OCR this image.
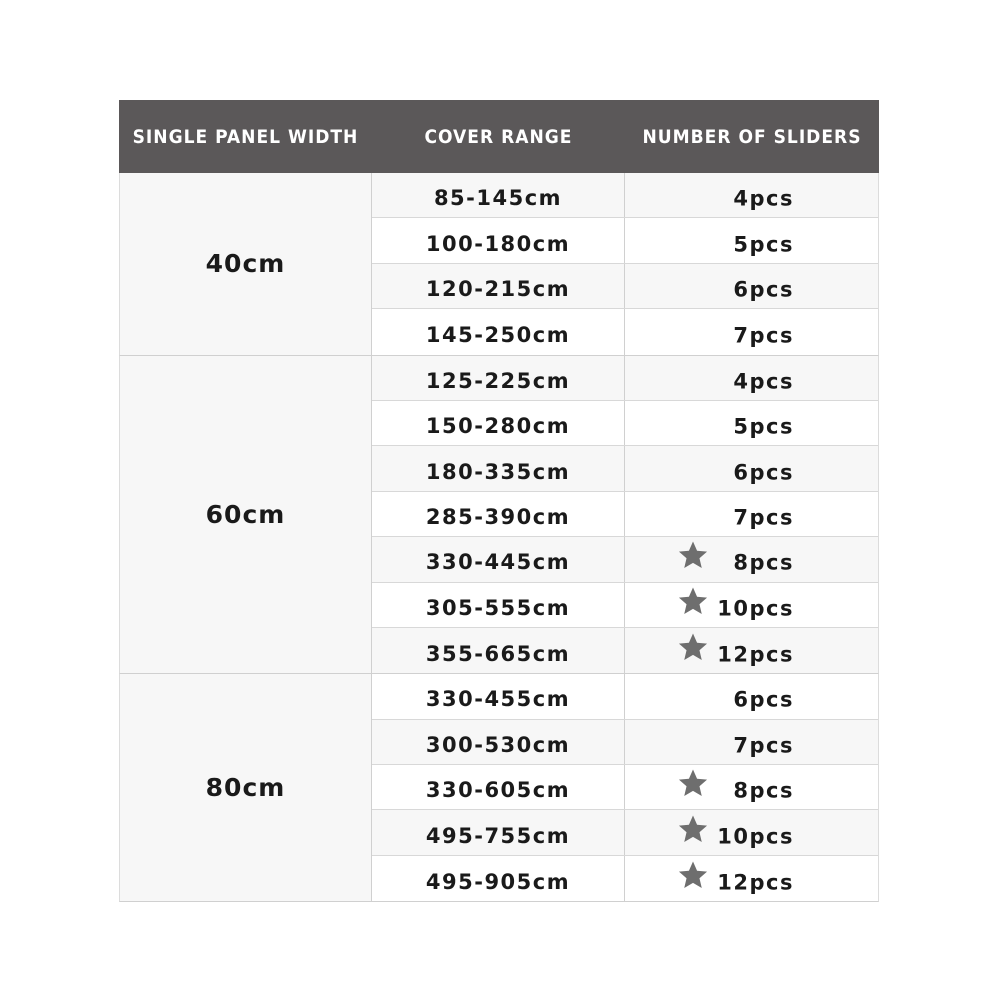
SINGLE PANEL WIDTH	COVER RANGE	NUMBER OF SLIDERS
40cm
85-145cm	4pcs
100-180cm	5pcs
120-215cm	6pcs
145-250cm	7pcs
60cm
125-225cm	4pcs
150-280cm	5pcs
180-335cm	6pcs
285-390cm	7pcs
330-445cm	8pcs
305-555cm	10pcs
355-665cm	12pcs
80cm
330-455cm	6pcs
300-530cm	7pcs
330-605cm	8pcs
495-755cm	10pcs
495-905cm	12pcs
